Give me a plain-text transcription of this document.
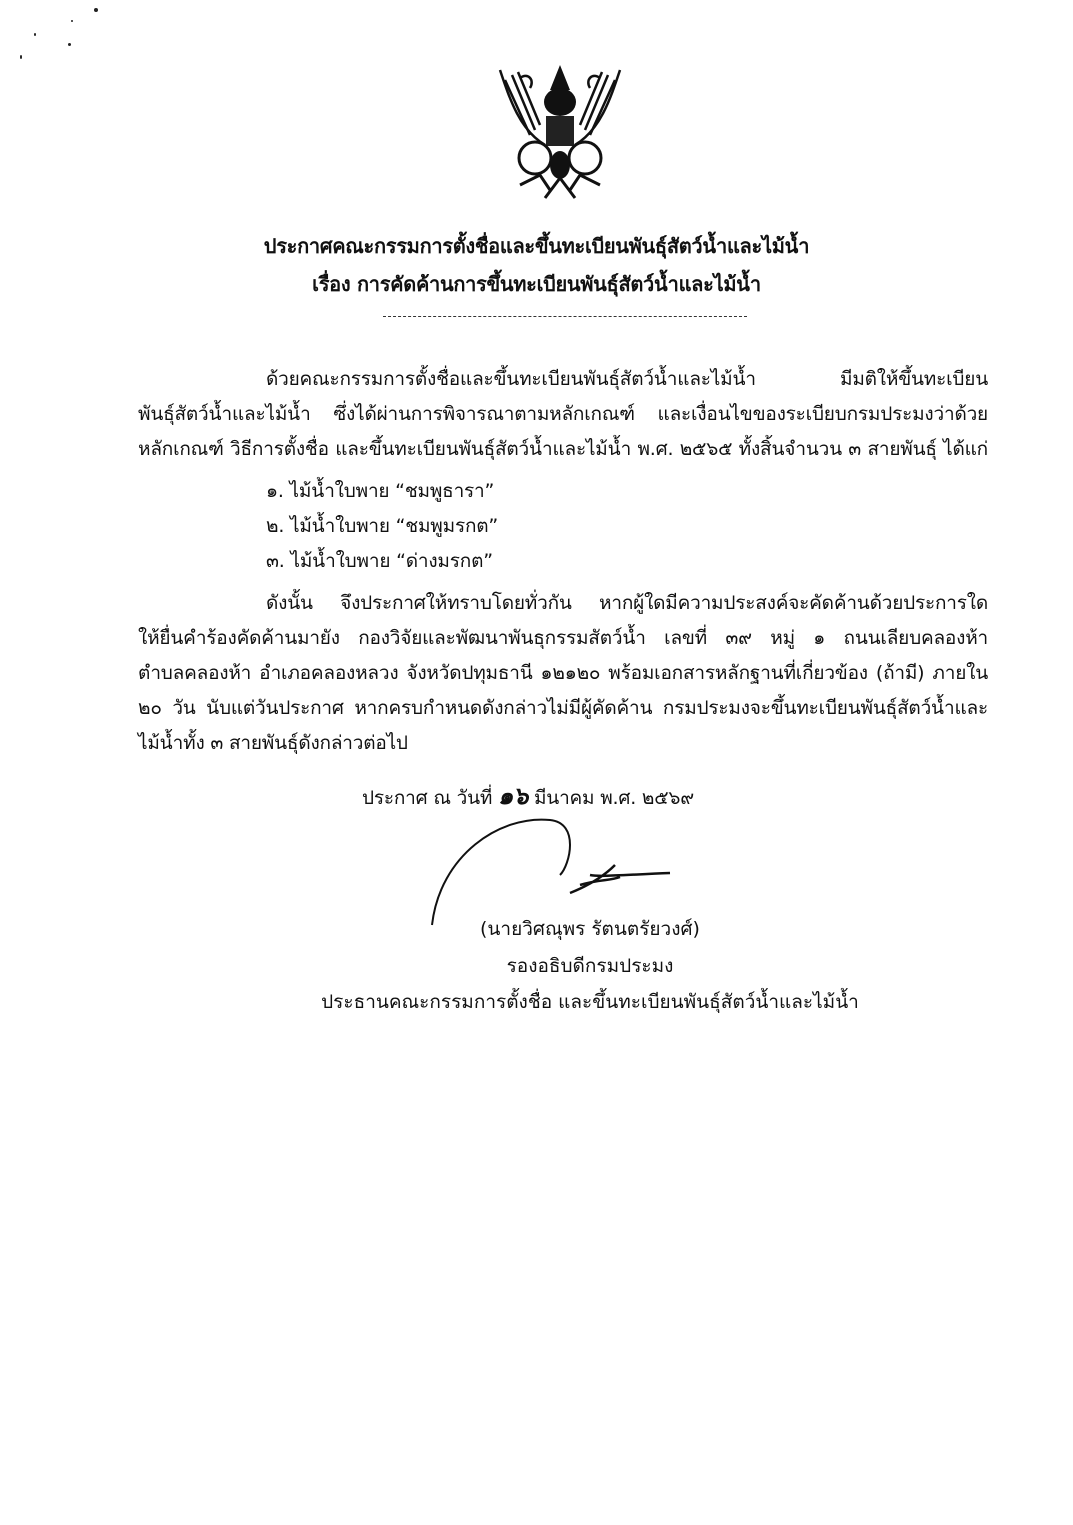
ประกาศคณะกรรมการตั้งชื่อและขึ้นทะเบียนพันธุ์สัตว์น้ำและไม้น้ำ
เรื่อง การคัดค้านการขึ้นทะเบียนพันธุ์สัตว์น้ำและไม้น้ำ
ด้วยคณะกรรมการตั้งชื่อและขึ้นทะเบียนพันธุ์สัตว์น้ำและไม้น้ำ มีมติให้ขึ้นทะเบียน
พันธุ์สัตว์น้ำและไม้น้ำ ซึ่งได้ผ่านการพิจารณาตามหลักเกณฑ์ และเงื่อนไขของระเบียบกรมประมงว่าด้วย
หลักเกณฑ์ วิธีการตั้งชื่อ และขึ้นทะเบียนพันธุ์สัตว์น้ำและไม้น้ำ พ.ศ. ๒๕๖๕ ทั้งสิ้นจำนวน ๓ สายพันธุ์ ได้แก่
๑. ไม้น้ำใบพาย “ชมพูธารา”
๒. ไม้น้ำใบพาย “ชมพูมรกต”
๓. ไม้น้ำใบพาย “ด่างมรกต”
ดังนั้น จึงประกาศให้ทราบโดยทั่วกัน หากผู้ใดมีความประสงค์จะคัดค้านด้วยประการใด
ให้ยื่นคำร้องคัดค้านมายัง กองวิจัยและพัฒนาพันธุกรรมสัตว์น้ำ เลขที่ ๓๙ หมู่ ๑ ถนนเลียบคลองห้า
ตำบลคลองห้า อำเภอคลองหลวง จังหวัดปทุมธานี ๑๒๑๒๐ พร้อมเอกสารหลักฐานที่เกี่ยวข้อง (ถ้ามี) ภายใน
๒๐ วัน นับแต่วันประกาศ หากครบกำหนดดังกล่าวไม่มีผู้คัดค้าน กรมประมงจะขึ้นทะเบียนพันธุ์สัตว์น้ำและ
ไม้น้ำทั้ง ๓ สายพันธุ์ดังกล่าวต่อไป
ประกาศ ณ วันที่ ๑๖ มีนาคม พ.ศ. ๒๕๖๙
(นายวิศณุพร รัตนตรัยวงศ์)
รองอธิบดีกรมประมง
ประธานคณะกรรมการตั้งชื่อ และขึ้นทะเบียนพันธุ์สัตว์น้ำและไม้น้ำ
